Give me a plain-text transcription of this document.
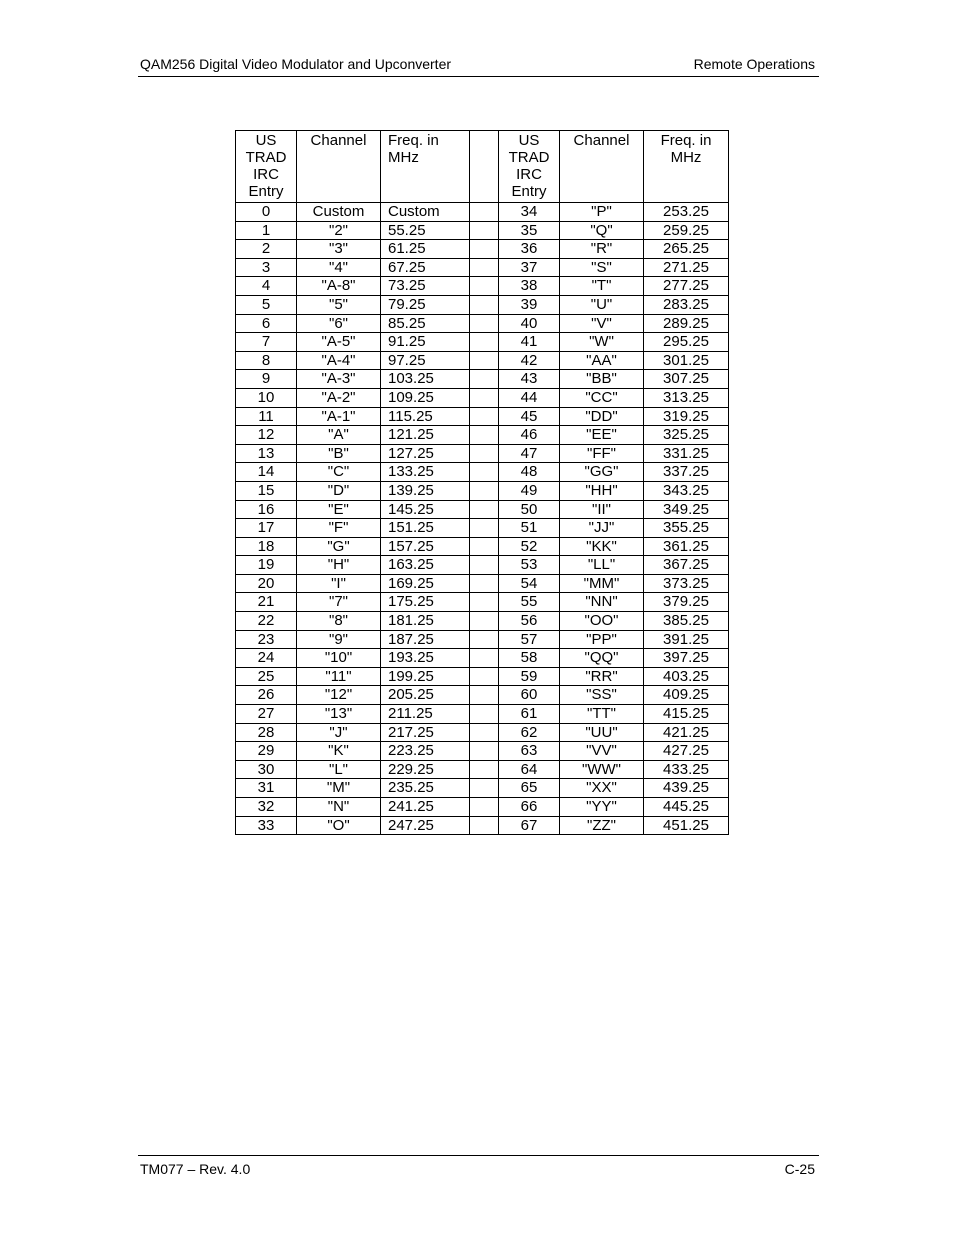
QAM256 Digital Video Modulator and Upconverter	Remote Operations
US TRAD IRC Entry	Channel	Freq. in MHz		US TRAD IRC Entry	Channel	Freq. in MHz
0	Custom	Custom		34	"P"	253.25
1	"2"	55.25		35	"Q"	259.25
2	"3"	61.25		36	"R"	265.25
3	"4"	67.25		37	"S"	271.25
4	"A-8"	73.25		38	"T"	277.25
5	"5"	79.25		39	"U"	283.25
6	"6"	85.25		40	"V"	289.25
7	"A-5"	91.25		41	"W"	295.25
8	"A-4"	97.25		42	"AA"	301.25
9	"A-3"	103.25		43	"BB"	307.25
10	"A-2"	109.25		44	"CC"	313.25
11	"A-1"	115.25		45	"DD"	319.25
12	"A"	121.25		46	"EE"	325.25
13	"B"	127.25		47	"FF"	331.25
14	"C"	133.25		48	"GG"	337.25
15	"D"	139.25		49	"HH"	343.25
16	"E"	145.25		50	"II"	349.25
17	"F"	151.25		51	"JJ"	355.25
18	"G"	157.25		52	"KK"	361.25
19	"H"	163.25		53	"LL"	367.25
20	"I"	169.25		54	"MM"	373.25
21	"7"	175.25		55	"NN"	379.25
22	"8"	181.25		56	"OO"	385.25
23	"9"	187.25		57	"PP"	391.25
24	"10"	193.25		58	"QQ"	397.25
25	"11"	199.25		59	"RR"	403.25
26	"12"	205.25		60	"SS"	409.25
27	"13"	211.25		61	"TT"	415.25
28	"J"	217.25		62	"UU"	421.25
29	"K"	223.25		63	"VV"	427.25
30	"L"	229.25		64	"WW"	433.25
31	"M"	235.25		65	"XX"	439.25
32	"N"	241.25		66	"YY"	445.25
33	"O"	247.25		67	"ZZ"	451.25
TM077 – Rev. 4.0	C-25
